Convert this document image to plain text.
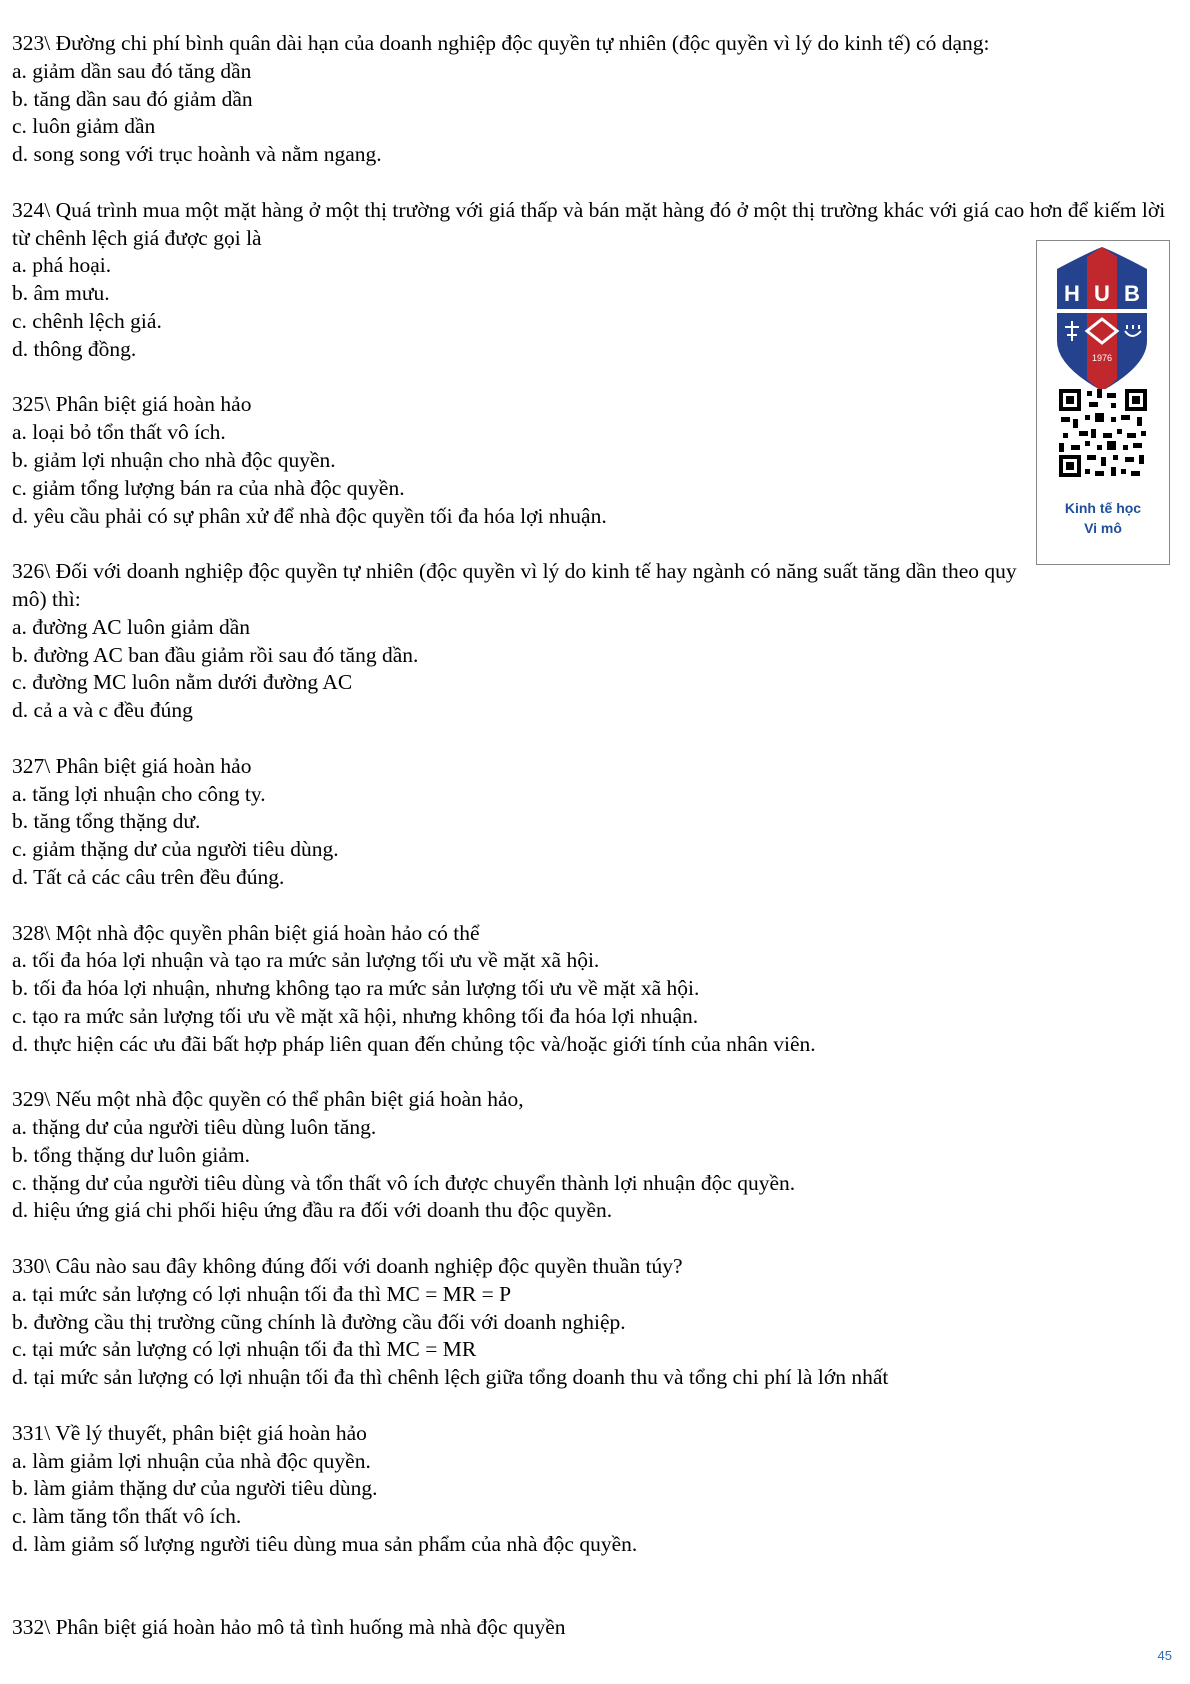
323\ Đường chi phí bình quân dài hạn của doanh nghiệp độc quyền tự nhiên (độc quyền vì lý do kinh tế) có dạng:
a. giảm dần sau đó tăng dần
b. tăng dần sau đó giảm dần
c. luôn giảm dần
d. song song với trục hoành và nằm ngang.
324\ Quá trình mua một mặt hàng ở một thị trường với giá thấp và bán mặt hàng đó ở một thị trường khác với giá cao hơn để kiếm lời từ chênh lệch giá được gọi là
a. phá hoại.
b. âm mưu.
c. chênh lệch giá.
d. thông đồng.
325\ Phân biệt giá hoàn hảo
a. loại bỏ tổn thất vô ích.
b. giảm lợi nhuận cho nhà độc quyền.
c. giảm tổng lượng bán ra của nhà độc quyền.
d. yêu cầu phải có sự phân xử để nhà độc quyền tối đa hóa lợi nhuận.
326\ Đối với doanh nghiệp độc quyền tự nhiên (độc quyền vì lý do kinh tế hay ngành có năng suất tăng dần theo quy mô) thì:
a. đường AC luôn giảm dần
b. đường AC ban đầu giảm rồi sau đó tăng dần.
c. đường MC luôn nằm dưới đường AC
d. cả a và c đều đúng
327\ Phân biệt giá hoàn hảo
a. tăng lợi nhuận cho công ty.
b. tăng tổng thặng dư.
c. giảm thặng dư của người tiêu dùng.
d. Tất cả các câu trên đều đúng.
328\ Một nhà độc quyền phân biệt giá hoàn hảo có thể
a. tối đa hóa lợi nhuận và tạo ra mức sản lượng tối ưu về mặt xã hội.
b. tối đa hóa lợi nhuận, nhưng không tạo ra mức sản lượng tối ưu về mặt xã hội.
c. tạo ra mức sản lượng tối ưu về mặt xã hội, nhưng không tối đa hóa lợi nhuận.
d. thực hiện các ưu đãi bất hợp pháp liên quan đến chủng tộc và/hoặc giới tính của nhân viên.
329\ Nếu một nhà độc quyền có thể phân biệt giá hoàn hảo,
a. thặng dư của người tiêu dùng luôn tăng.
b. tổng thặng dư luôn giảm.
c. thặng dư của người tiêu dùng và tổn thất vô ích được chuyển thành lợi nhuận độc quyền.
d. hiệu ứng giá chi phối hiệu ứng đầu ra đối với doanh thu độc quyền.
330\ Câu nào sau đây không đúng đối với doanh nghiệp độc quyền thuần túy?
a. tại mức sản lượng có lợi nhuận tối đa thì MC = MR = P
b. đường cầu thị trường cũng chính là đường cầu đối với doanh nghiệp.
c. tại mức sản lượng có lợi nhuận tối đa thì MC = MR
d. tại mức sản lượng có lợi nhuận tối đa thì chênh lệch giữa tổng doanh thu và tổng chi phí là lớn nhất
331\ Về lý thuyết, phân biệt giá hoàn hảo
a. làm giảm lợi nhuận của nhà độc quyền.
b. làm giảm thặng dư của người tiêu dùng.
c. làm tăng tổn thất vô ích.
d. làm giảm số lượng người tiêu dùng mua sản phẩm của nhà độc quyền.
332\ Phân biệt giá hoàn hảo mô tả tình huống mà nhà độc quyền
H U B
1976
Kinh tế học
Vi mô
45
